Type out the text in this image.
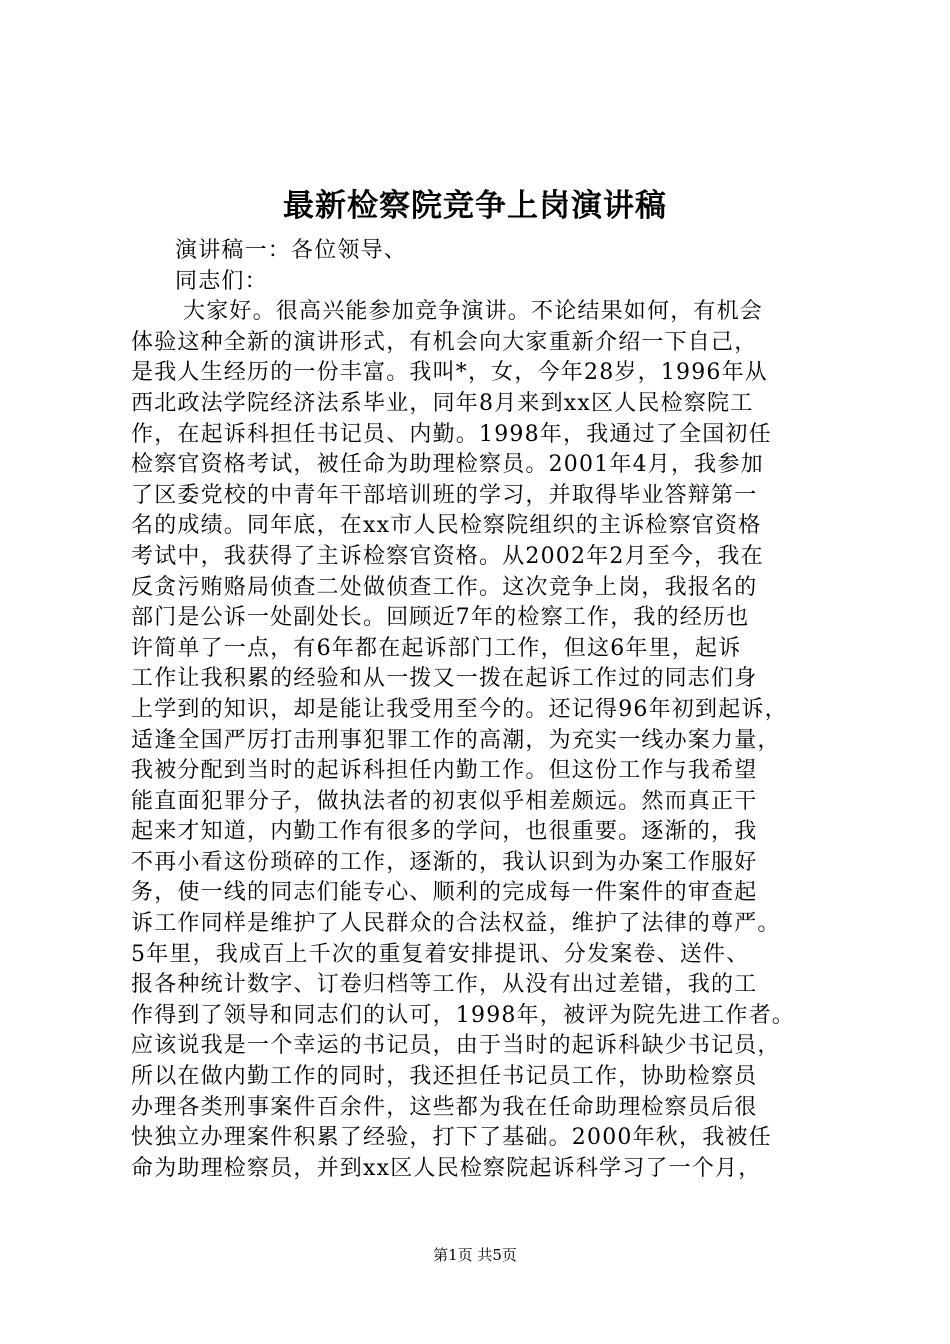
最新检察院竞争上岗演讲稿

演讲稿一：各位领导、

同志们：

大家好。很高兴能参加竞争演讲。不论结果如何，有机会

体验这种全新的演讲形式，有机会向大家重新介绍一下自己，

是我人生经历的一份丰富。我叫*，女，今年28岁，1996年从

西北政法学院经济法系毕业，同年8月来到xx区人民检察院工

作，在起诉科担任书记员、内勤。1998年，我通过了全国初任

检察官资格考试，被任命为助理检察员。2001年4月，我参加

了区委党校的中青年干部培训班的学习，并取得毕业答辩第一

名的成绩。同年底，在xx市人民检察院组织的主诉检察官资格

考试中，我获得了主诉检察官资格。从2002年2月至今，我在

反贪污贿赂局侦查二处做侦查工作。这次竞争上岗，我报名的

部门是公诉一处副处长。回顾近7年的检察工作，我的经历也

许简单了一点，有6年都在起诉部门工作，但这6年里，起诉

工作让我积累的经验和从一拨又一拨在起诉工作过的同志们身

上学到的知识，却是能让我受用至今的。还记得96年初到起诉，

适逢全国严厉打击刑事犯罪工作的高潮，为充实一线办案力量，

我被分配到当时的起诉科担任内勤工作。但这份工作与我希望

能直面犯罪分子，做执法者的初衷似乎相差颇远。然而真正干

起来才知道，内勤工作有很多的学问，也很重要。逐渐的，我

不再小看这份琐碎的工作，逐渐的，我认识到为办案工作服好

务，使一线的同志们能专心、顺利的完成每一件案件的审查起

诉工作同样是维护了人民群众的合法权益，维护了法律的尊严。

5年里，我成百上千次的重复着安排提讯、分发案卷、送件、

报各种统计数字、订卷归档等工作，从没有出过差错，我的工

作得到了领导和同志们的认可，1998年，被评为院先进工作者。

应该说我是一个幸运的书记员，由于当时的起诉科缺少书记员，

所以在做内勤工作的同时，我还担任书记员工作，协助检察员

办理各类刑事案件百余件，这些都为我在任命助理检察员后很

快独立办理案件积累了经验，打下了基础。2000年秋，我被任

命为助理检察员，并到xx区人民检察院起诉科学习了一个月，

第1页 共5页
